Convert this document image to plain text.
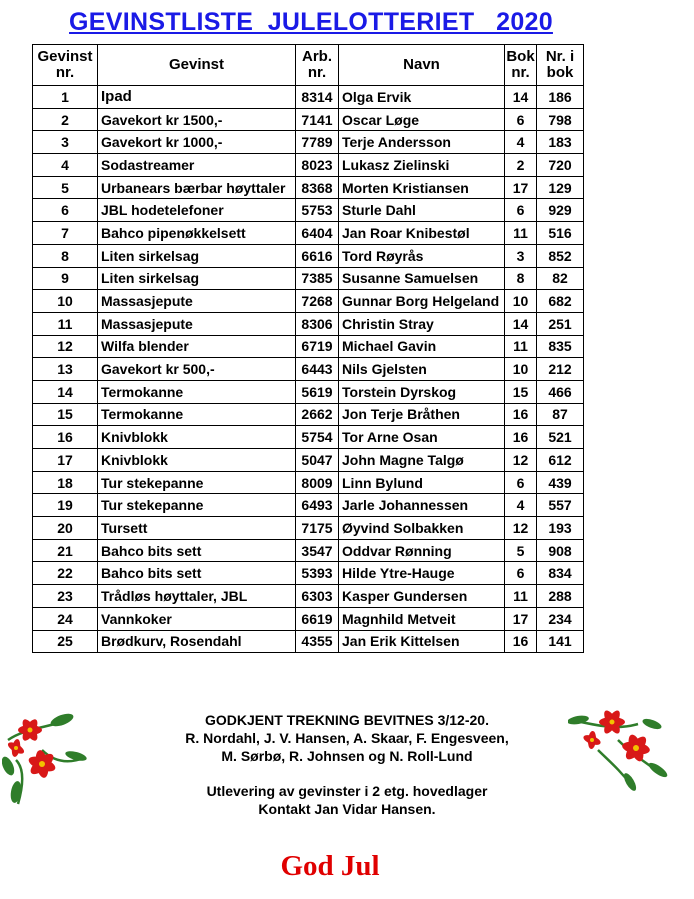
GEVINSTLISTE  JULELOTTERIET   2020
Gevinst nr.	Gevinst	Arb. nr.	Navn	Bok nr.	Nr. i bok
1	Ipad	8314	Olga Ervik	14	186
2	Gavekort kr 1500,-	7141	Oscar Løge	6	798
3	Gavekort kr 1000,-	7789	Terje Andersson	4	183
4	Sodastreamer	8023	Lukasz Zielinski	2	720
5	Urbanears bærbar høyttaler	8368	Morten Kristiansen	17	129
6	JBL hodetelefoner	5753	Sturle Dahl	6	929
7	Bahco pipenøkkelsett	6404	Jan Roar Knibestøl	11	516
8	Liten sirkelsag	6616	Tord Røyrås	3	852
9	Liten sirkelsag	7385	Susanne Samuelsen	8	82
10	Massasjepute	7268	Gunnar Borg Helgeland	10	682
11	Massasjepute	8306	Christin Stray	14	251
12	Wilfa blender	6719	Michael Gavin	11	835
13	Gavekort kr 500,-	6443	Nils Gjelsten	10	212
14	Termokanne	5619	Torstein Dyrskog	15	466
15	Termokanne	2662	Jon Terje Bråthen	16	87
16	Knivblokk	5754	Tor Arne Osan	16	521
17	Knivblokk	5047	John Magne Talgø	12	612
18	Tur stekepanne	8009	Linn Bylund	6	439
19	Tur stekepanne	6493	Jarle Johannessen	4	557
20	Tursett	7175	Øyvind Solbakken	12	193
21	Bahco bits sett	3547	Oddvar Rønning	5	908
22	Bahco bits sett	5393	Hilde Ytre-Hauge	6	834
23	Trådløs høyttaler, JBL	6303	Kasper Gundersen	11	288
24	Vannkoker	6619	Magnhild Metveit	17	234
25	Brødkurv, Rosendahl	4355	Jan Erik Kittelsen	16	141
GODKJENT TREKNING BEVITNES 3/12-20.
R. Nordahl, J. V. Hansen, A. Skaar, F. Engesveen,
M. Sørbø, R. Johnsen og N. Roll-Lund
Utlevering av gevinster i 2 etg. hovedlager
Kontakt Jan Vidar Hansen.
God Jul
